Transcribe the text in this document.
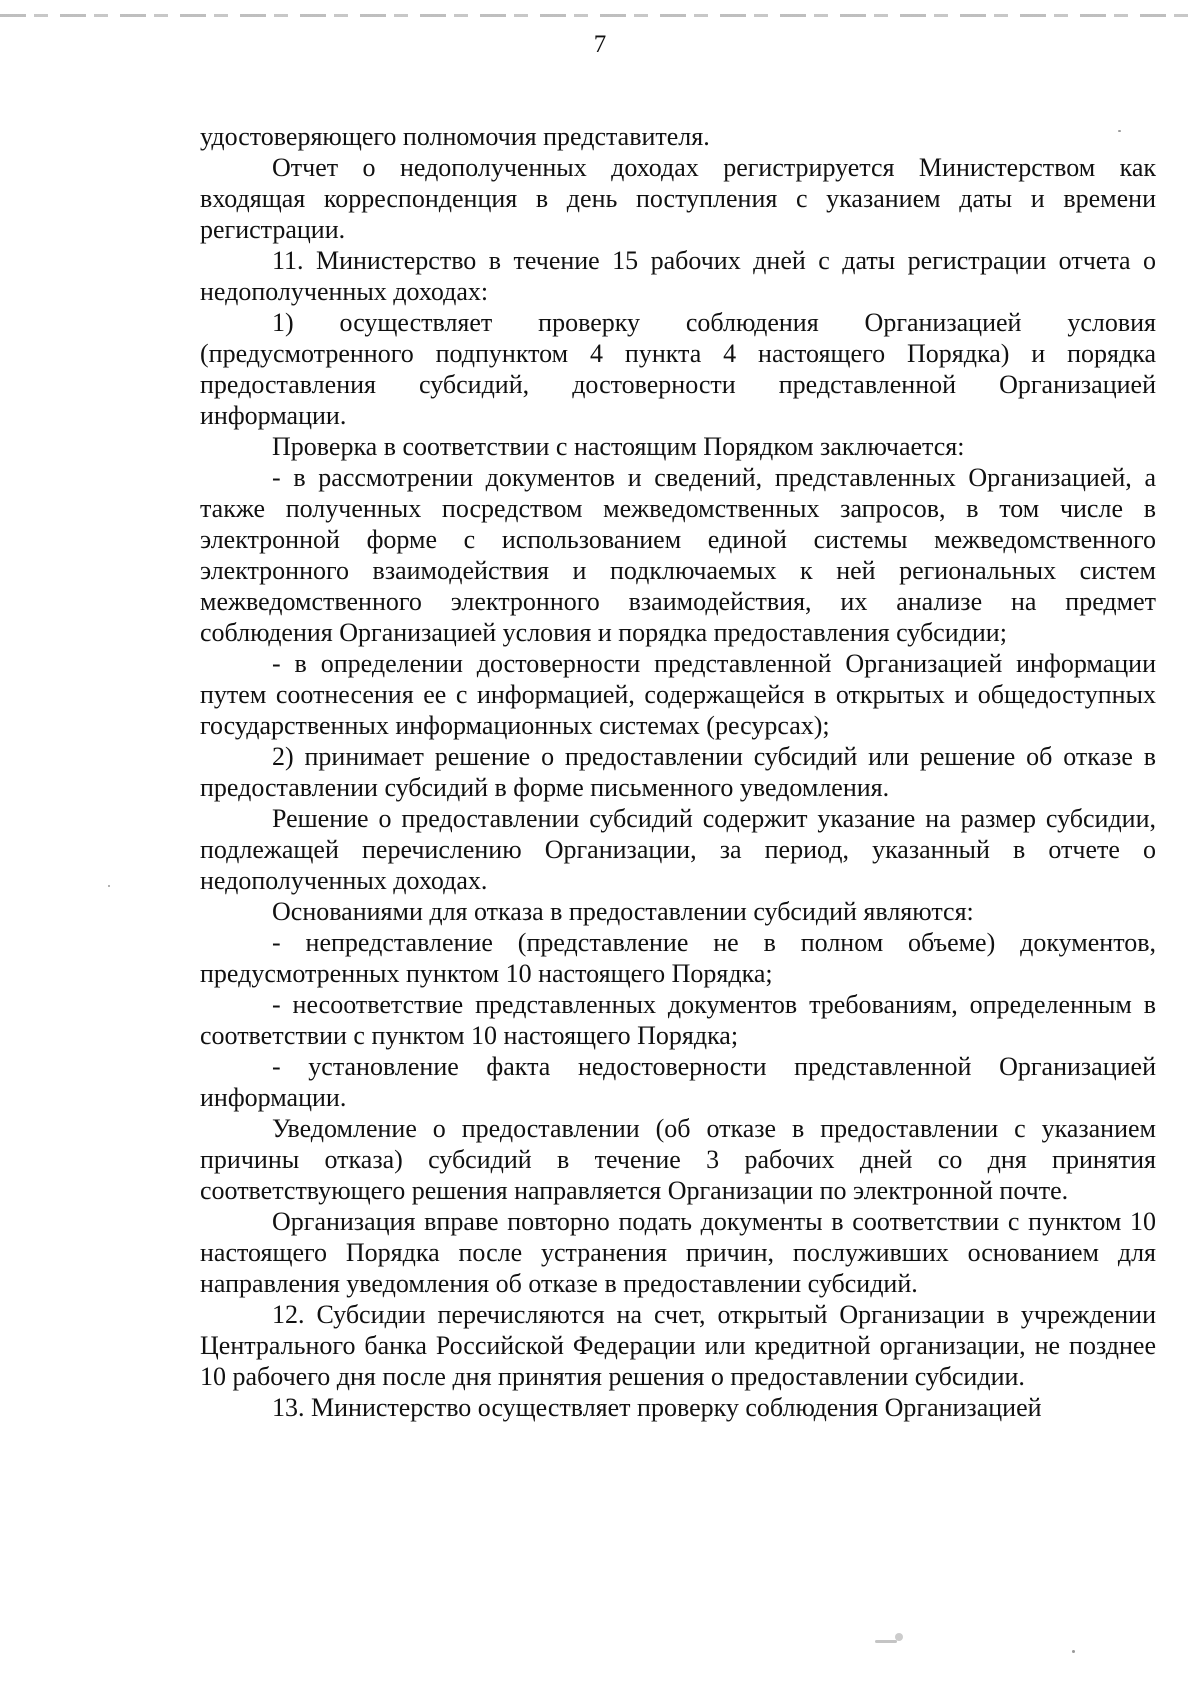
7

удостоверяющего полномочия представителя.

Отчет о недополученных доходах регистрируется Министерством как входящая корреспонденция в день поступления с указанием даты и времени регистрации.

11. Министерство в течение 15 рабочих дней с даты регистрации отчета о недополученных доходах:

1) осуществляет проверку соблюдения Организацией условия (предусмотренного подпунктом 4 пункта 4 настоящего Порядка) и порядка предоставления субсидий, достоверности представленной Организацией информации.

Проверка в соответствии с настоящим Порядком заключается:

- в рассмотрении документов и сведений, представленных Организацией, а также полученных посредством межведомственных запросов, в том числе в электронной форме с использованием единой системы межведомственного электронного взаимодействия и подключаемых к ней региональных систем межведомственного электронного взаимодействия, их анализе на предмет соблюдения Организацией условия и порядка предоставления субсидии;

- в определении достоверности представленной Организацией информации путем соотнесения ее с информацией, содержащейся в открытых и общедоступных государственных информационных системах (ресурсах);

2) принимает решение о предоставлении субсидий или решение об отказе в предоставлении субсидий в форме письменного уведомления.

Решение о предоставлении субсидий содержит указание на размер субсидии, подлежащей перечислению Организации, за период, указанный в отчете о недополученных доходах.

Основаниями для отказа в предоставлении субсидий являются:

- непредставление (представление не в полном объеме) документов, предусмотренных пунктом 10 настоящего Порядка;

- несоответствие представленных документов требованиям, определенным в соответствии с пунктом 10 настоящего Порядка;

- установление факта недостоверности представленной Организацией информации.

Уведомление о предоставлении (об отказе в предоставлении с указанием причины отказа) субсидий в течение 3 рабочих дней со дня принятия соответствующего решения направляется Организации по электронной почте.

Организация вправе повторно подать документы в соответствии с пунктом 10 настоящего Порядка после устранения причин, послуживших основанием для направления уведомления об отказе в предоставлении субсидий.

12. Субсидии перечисляются на счет, открытый Организации в учреждении Центрального банка Российской Федерации или кредитной организации, не позднее 10 рабочего дня после дня принятия решения о предоставлении субсидии.

13. Министерство осуществляет проверку соблюдения Организацией
